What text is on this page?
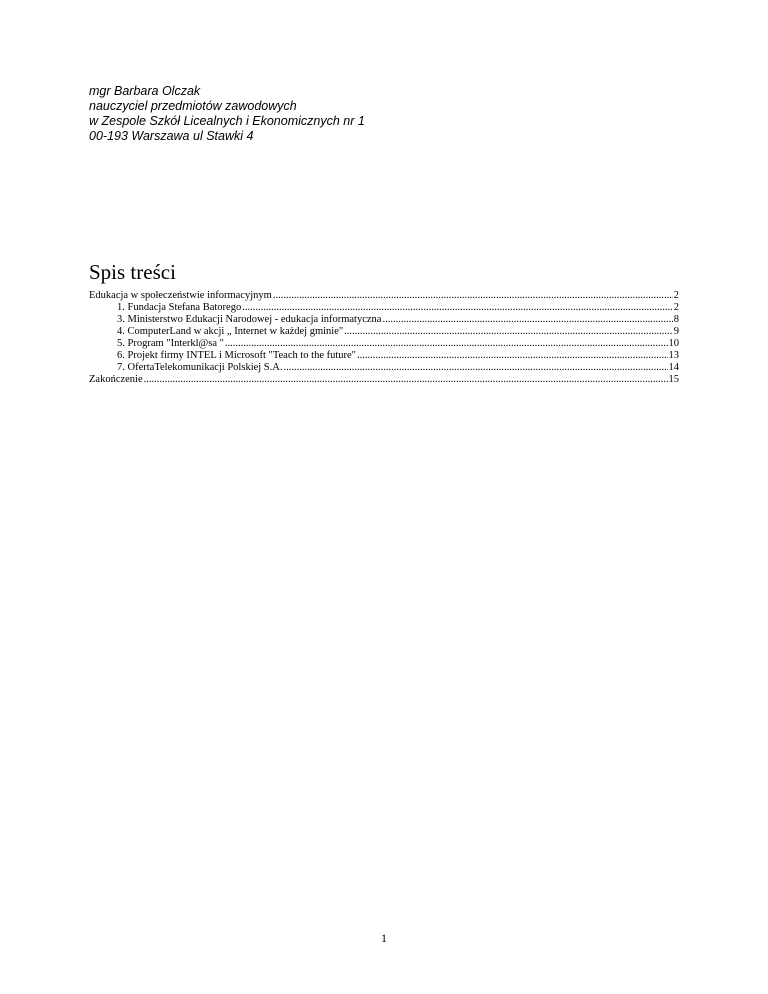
mgr Barbara Olczak
nauczyciel przedmiotów zawodowych
w Zespole Szkół Licealnych i Ekonomicznych nr 1
00-193 Warszawa ul Stawki 4
Spis treści
Edukacja w społeczeństwie informacyjnym .....	2
1. Fundacja Stefana Batorego .....	2
3. Ministerstwo Edukacji Narodowej - edukacja informatyczna .....	8
4. ComputerLand w akcji „ Internet w każdej gminie" .....	9
5. Program "Interkl@sa " .....	10
6. Projekt firmy INTEL i Microsoft "Teach to the future" .....	13
7. OfertaTelekomunikacji Polskiej S.A. .....	14
Zakończenie .....	15
1
